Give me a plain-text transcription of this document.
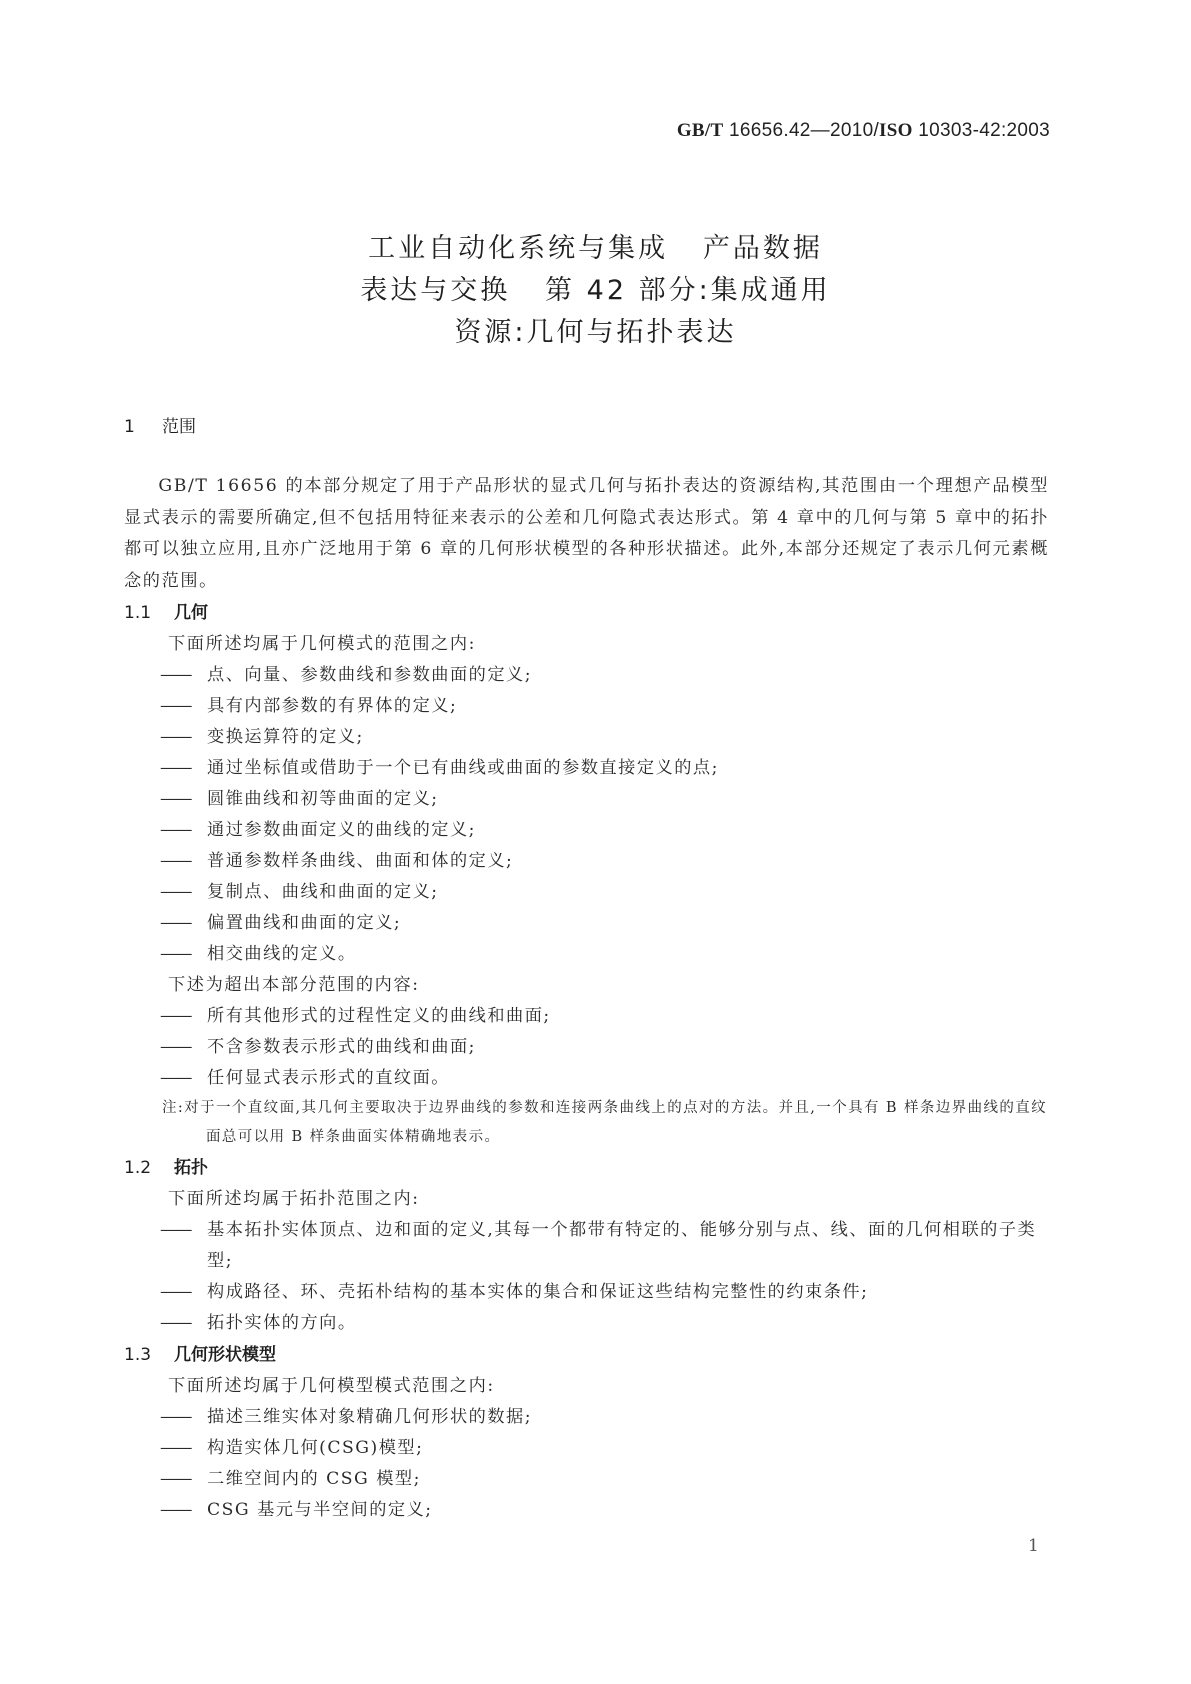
GB/T 16656.42—2010/ISO 10303-42:2003
工业自动化系统与集成   产品数据
表达与交换   第 42 部分:集成通用
资源:几何与拓扑表达
1 范围
GB/T 16656 的本部分规定了用于产品形状的显式几何与拓扑表达的资源结构,其范围由一个理想产品模型显式表示的需要所确定,但不包括用特征来表示的公差和几何隐式表达形式。第 4 章中的几何与第 5 章中的拓扑都可以独立应用,且亦广泛地用于第 6 章的几何形状模型的各种形状描述。此外,本部分还规定了表示几何元素概念的范围。
1.1 几何
下面所述均属于几何模式的范围之内:
—— 点、向量、参数曲线和参数曲面的定义;
—— 具有内部参数的有界体的定义;
—— 变换运算符的定义;
—— 通过坐标值或借助于一个已有曲线或曲面的参数直接定义的点;
—— 圆锥曲线和初等曲面的定义;
—— 通过参数曲面定义的曲线的定义;
—— 普通参数样条曲线、曲面和体的定义;
—— 复制点、曲线和曲面的定义;
—— 偏置曲线和曲面的定义;
—— 相交曲线的定义。
下述为超出本部分范围的内容:
—— 所有其他形式的过程性定义的曲线和曲面;
—— 不含参数表示形式的曲线和曲面;
—— 任何显式表示形式的直纹面。
注:对于一个直纹面,其几何主要取决于边界曲线的参数和连接两条曲线上的点对的方法。并且,一个具有 B 样条边界曲线的直纹面总可以用 B 样条曲面实体精确地表示。
1.2 拓扑
下面所述均属于拓扑范围之内:
—— 基本拓扑实体顶点、边和面的定义,其每一个都带有特定的、能够分别与点、线、面的几何相联的子类型;
—— 构成路径、环、壳拓朴结构的基本实体的集合和保证这些结构完整性的约束条件;
—— 拓扑实体的方向。
1.3 几何形状模型
下面所述均属于几何模型模式范围之内:
—— 描述三维实体对象精确几何形状的数据;
—— 构造实体几何(CSG)模型;
—— 二维空间内的 CSG 模型;
—— CSG 基元与半空间的定义;
1
